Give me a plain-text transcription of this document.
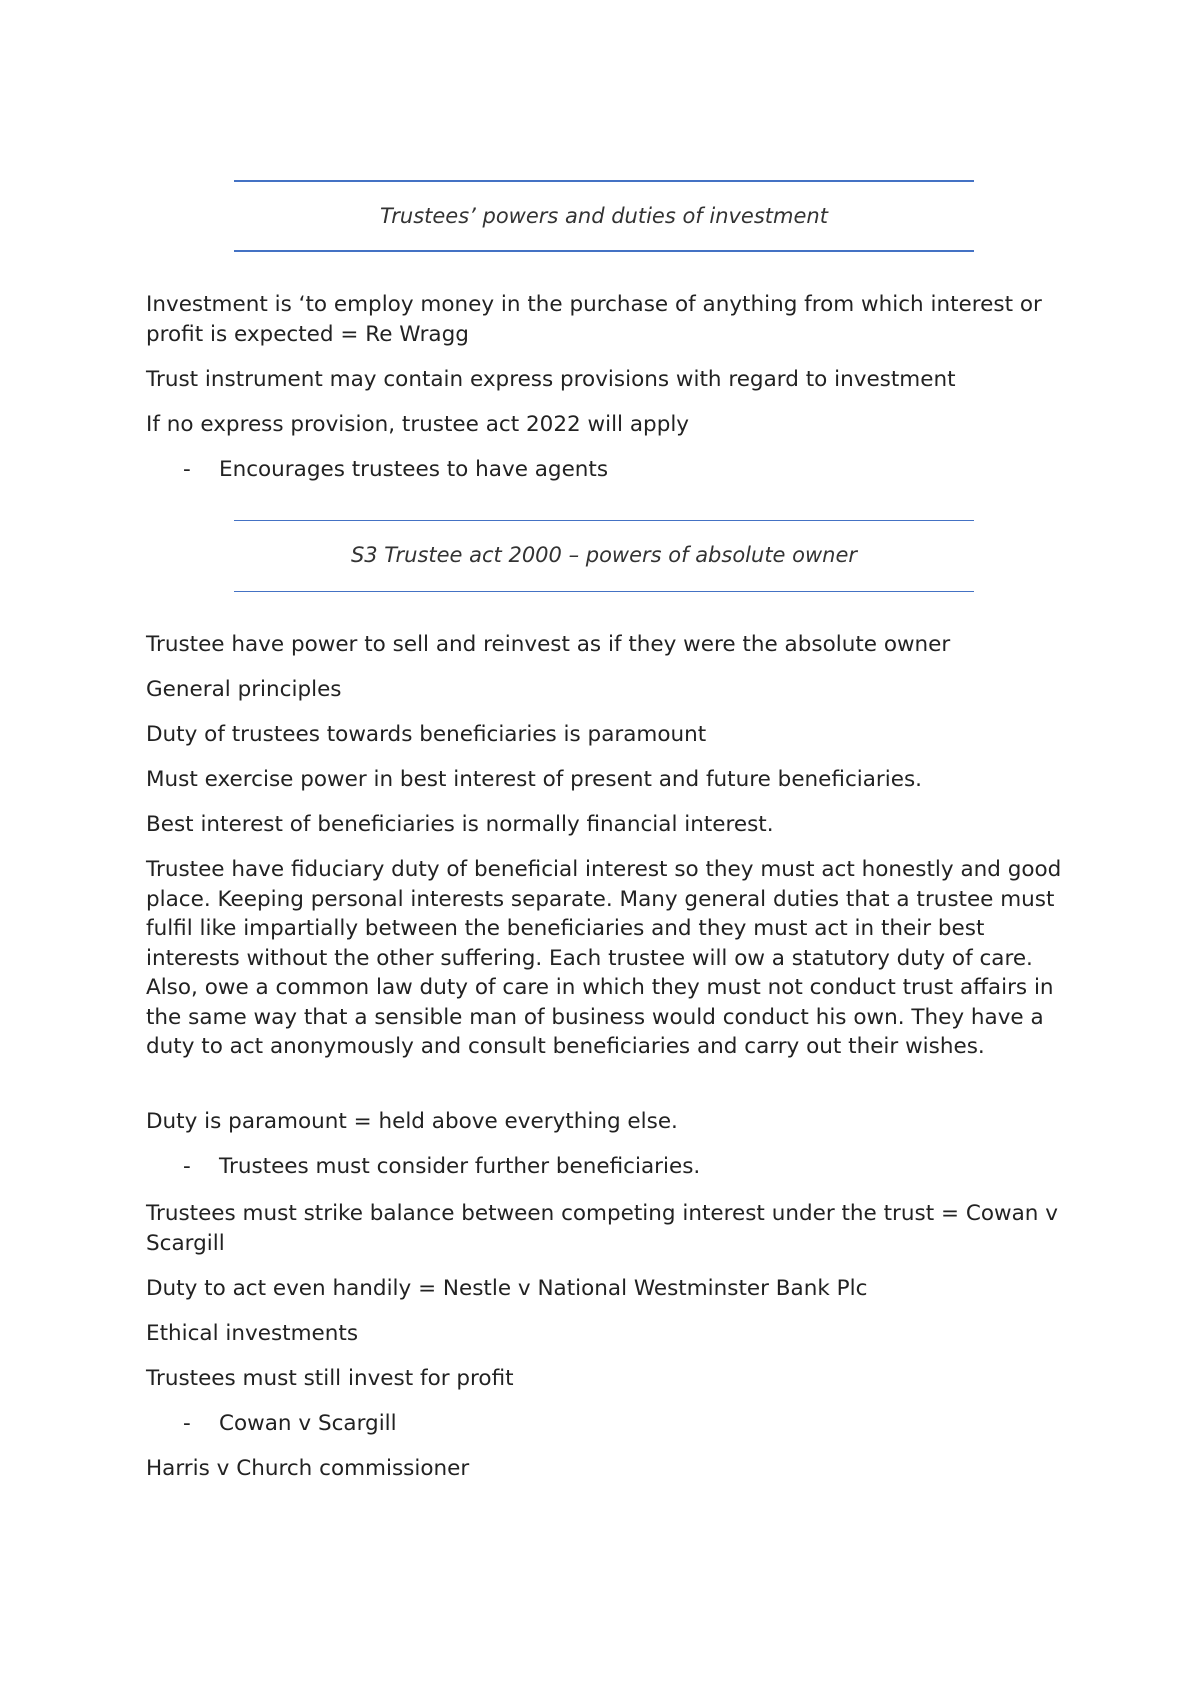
Trustees’ powers and duties of investment

Investment is ‘to employ money in the purchase of anything from which interest or profit is expected = Re Wragg

Trust instrument may contain express provisions with regard to investment

If no express provision, trustee act 2022 will apply

- Encourages trustees to have agents

S3 Trustee act 2000 – powers of absolute owner

Trustee have power to sell and reinvest as if they were the absolute owner

General principles

Duty of trustees towards beneficiaries is paramount

Must exercise power in best interest of present and future beneficiaries.

Best interest of beneficiaries is normally financial interest.

Trustee have fiduciary duty of beneficial interest so they must act honestly and good place. Keeping personal interests separate. Many general duties that a trustee must fulfil like impartially between the beneficiaries and they must act in their best interests without the other suffering. Each trustee will ow a statutory duty of care. Also, owe a common law duty of care in which they must not conduct trust affairs in the same way that a sensible man of business would conduct his own. They have a duty to act anonymously and consult beneficiaries and carry out their wishes.

Duty is paramount = held above everything else.

- Trustees must consider further beneficiaries.

Trustees must strike balance between competing interest under the trust = Cowan v Scargill

Duty to act even handily = Nestle v National Westminster Bank Plc

Ethical investments

Trustees must still invest for profit

- Cowan v Scargill

Harris v Church commissioner
